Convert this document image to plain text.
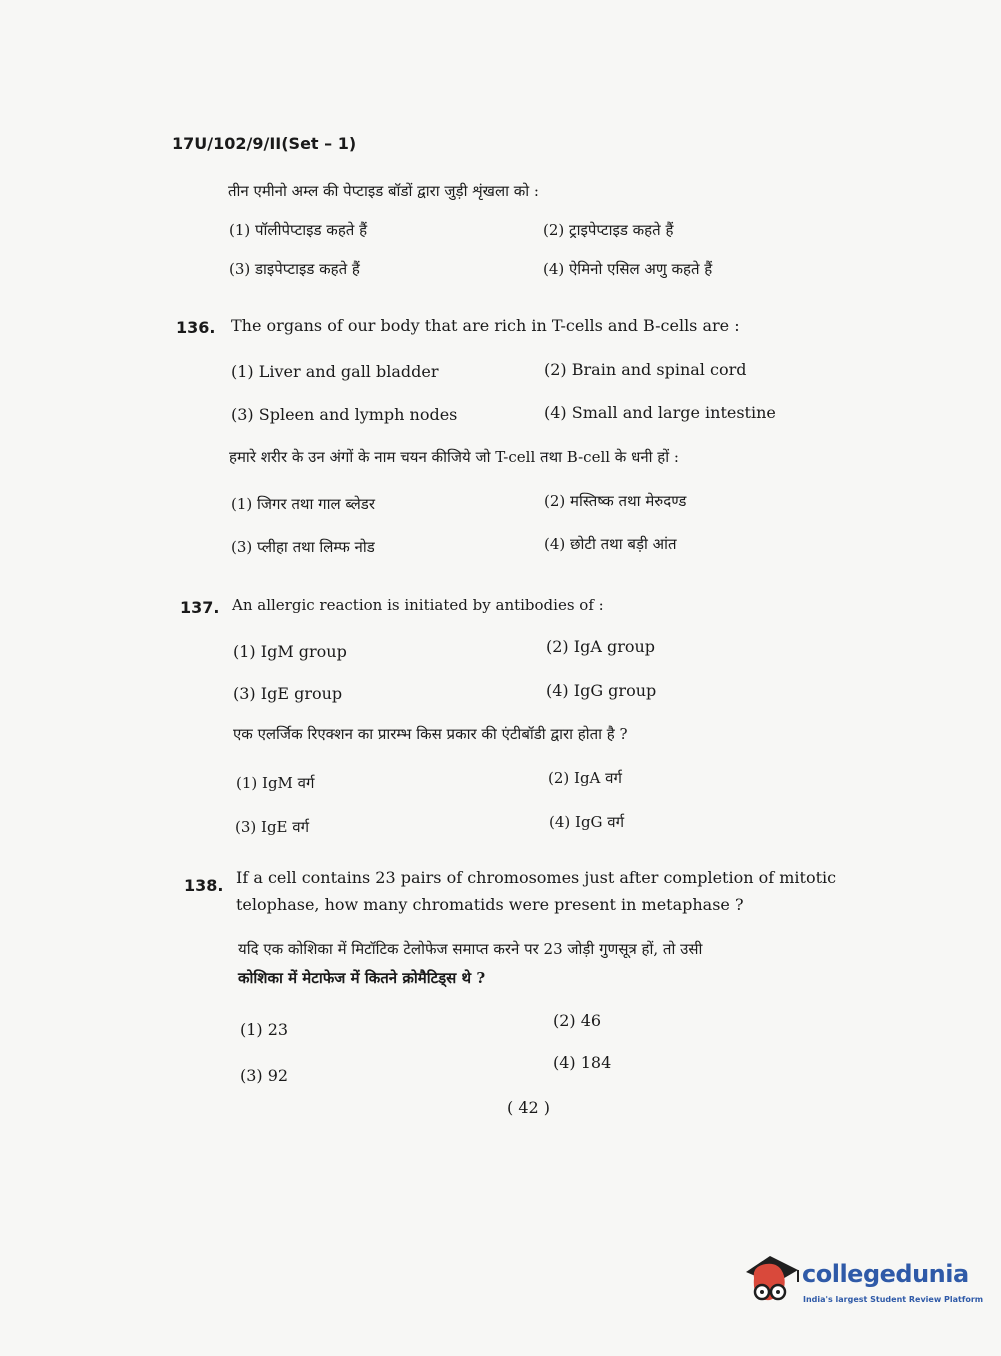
17U/102/9/II(Set – 1)
तीन एमीनो अम्ल की पेप्टाइड बॉडों द्वारा जुड़ी शृंखला को :
(1) पॉलीपेप्टाइड कहते हैं	(2) ट्राइपेप्टाइड कहते हैं
(3) डाइपेप्टाइड कहते हैं	(4) ऐमिनो एसिल अणु कहते हैं
136. The organs of our body that are rich in T-cells and B-cells are :
(1) Liver and gall bladder	(2) Brain and spinal cord
(3) Spleen and lymph nodes	(4) Small and large intestine
हमारे शरीर के उन अंगों के नाम चयन कीजिये जो T-cell तथा B-cell के धनी हों :
(1) जिगर तथा गाल ब्लेडर	(2) मस्तिष्क तथा मेरुदण्ड
(3) प्लीहा तथा लिम्फ नोड	(4) छोटी तथा बड़ी आंत
137. An allergic reaction is initiated by antibodies of :
(1) IgM group	(2) IgA group
(3) IgE group	(4) IgG group
एक एलर्जिक रिएक्शन का प्रारम्भ किस प्रकार की एंटीबॉडी द्वारा होता है ?
(1) IgM वर्ग	(2) IgA वर्ग
(3) IgE वर्ग	(4) IgG वर्ग
138. If a cell contains 23 pairs of chromosomes just after completion of mitotic
telophase, how many chromatids were present in metaphase ?
यदि एक कोशिका में मिटॉटिक टेलोफेज समाप्त करने पर 23 जोड़ी गुणसूत्र हों, तो उसी
कोशिका में मेटाफेज में कितने क्रोमैटिड्स थे ?
(1) 23	(2) 46
(3) 92
(4) 184
( 42 )
collegedunia
India's largest Student Review Platform
